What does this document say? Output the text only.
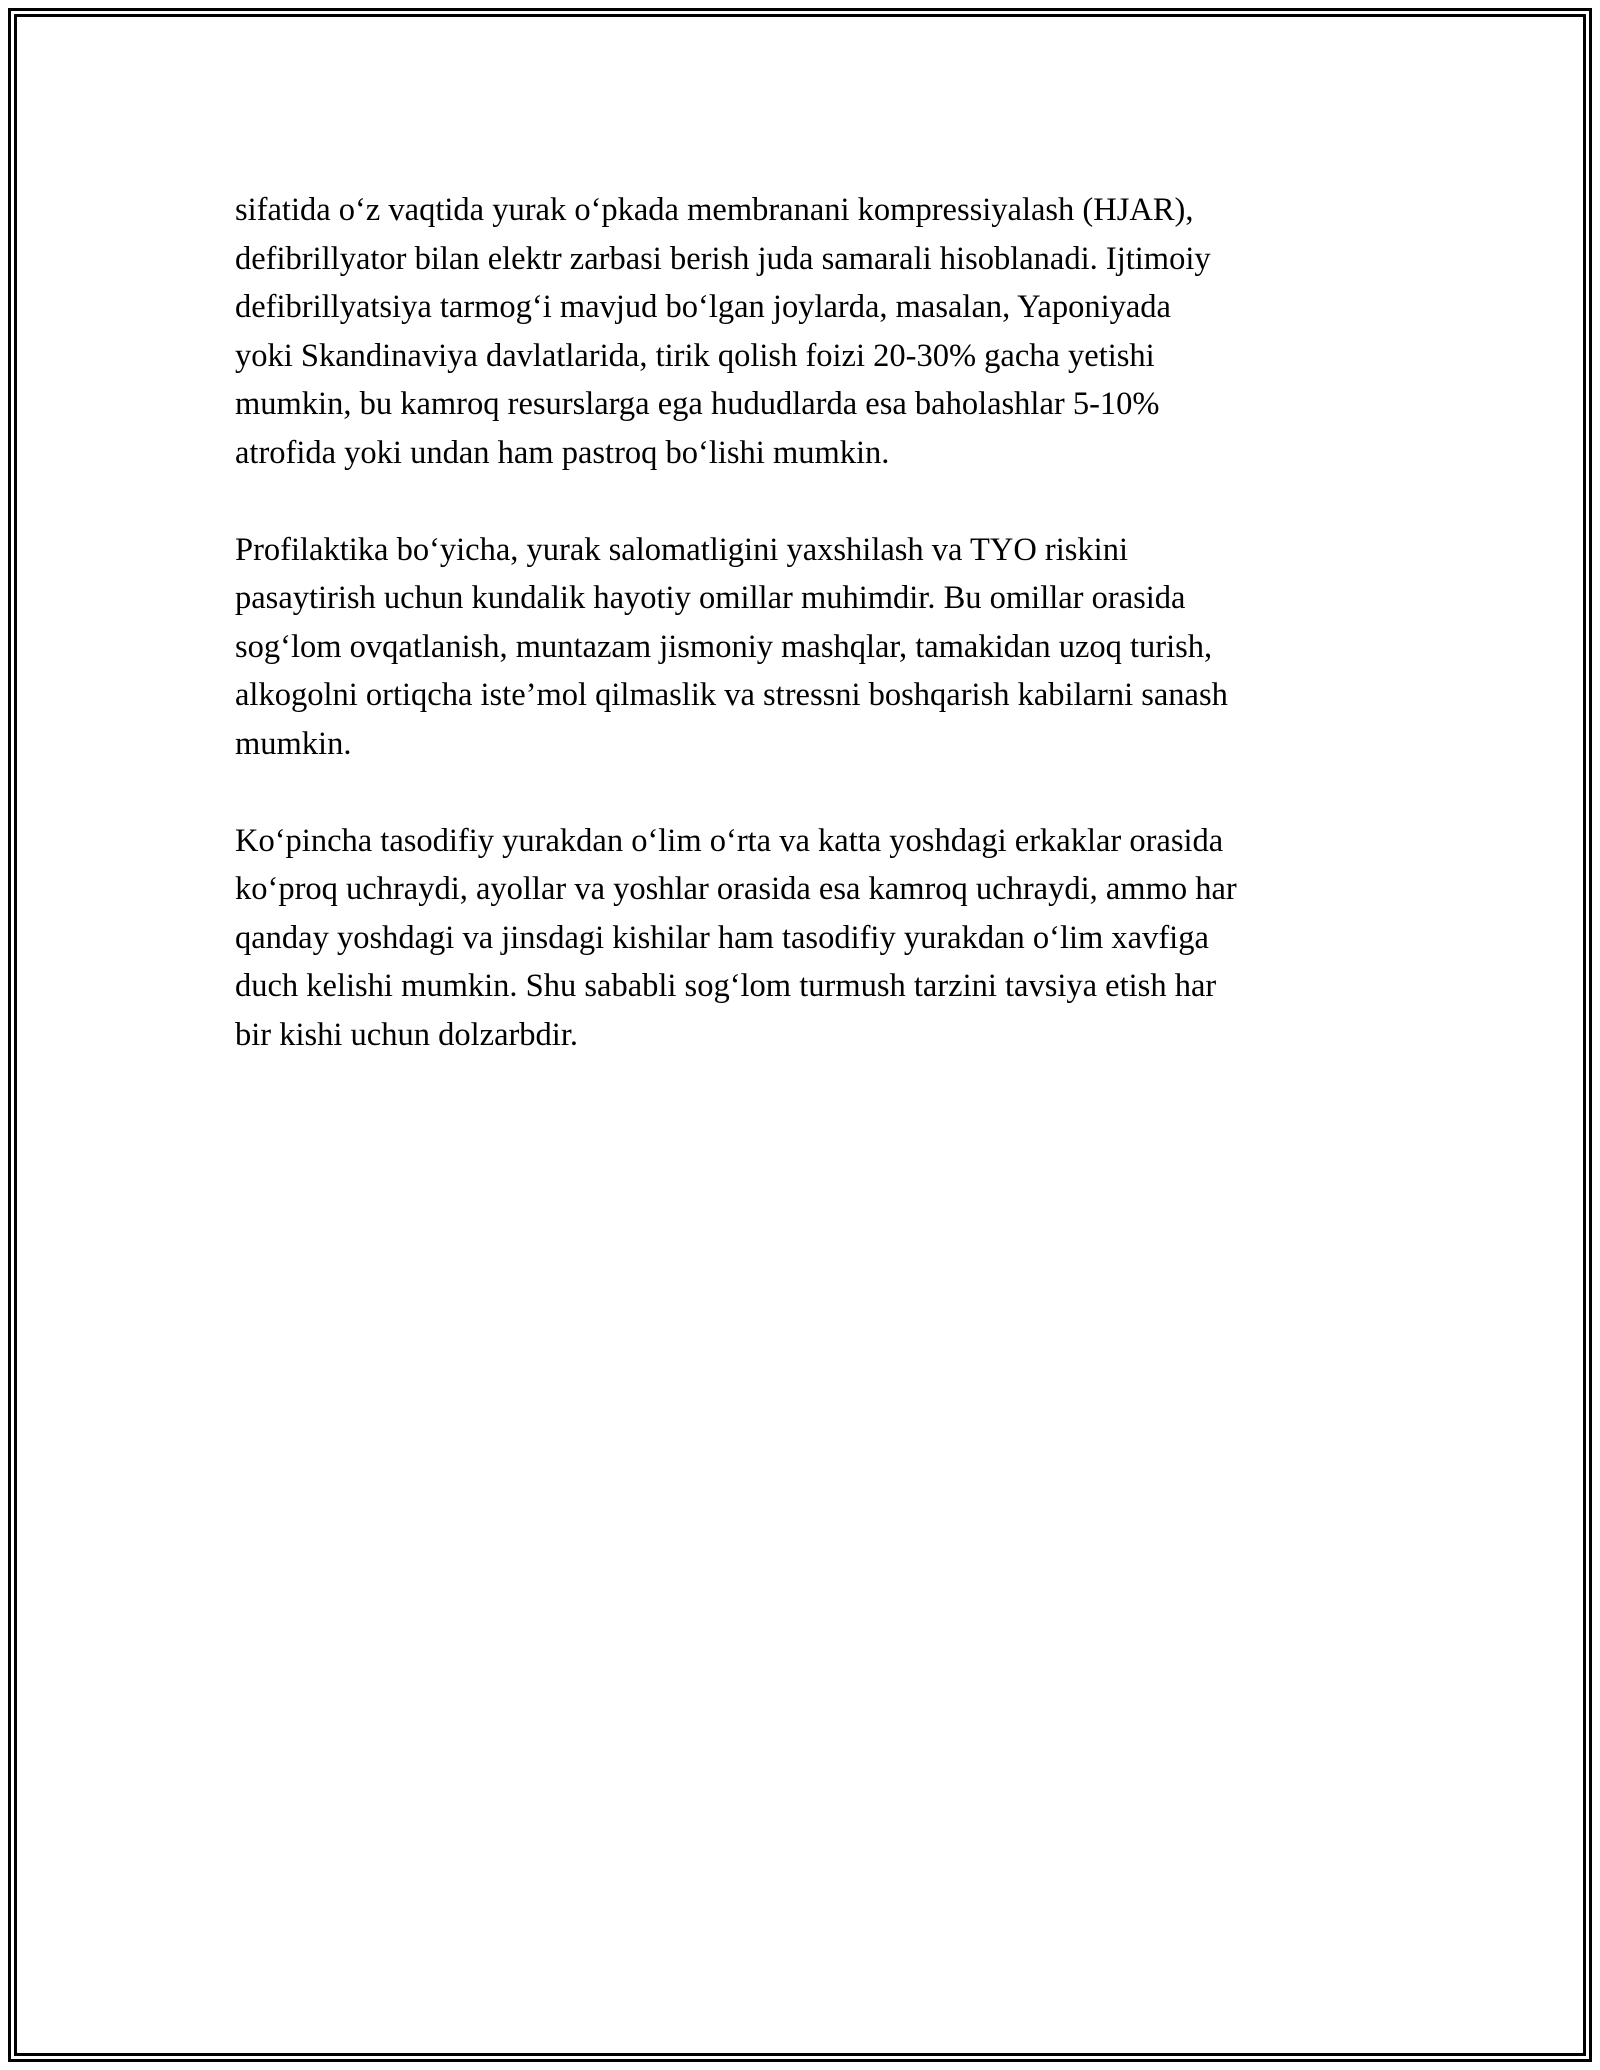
sifatida o‘z vaqtida yurak o‘pkada membranani kompressiyalash (HJAR),
defibrillyator bilan elektr zarbasi berish juda samarali hisoblanadi. Ijtimoiy
defibrillyatsiya tarmog‘i mavjud bo‘lgan joylarda, masalan, Yaponiyada
yoki Skandinaviya davlatlarida, tirik qolish foizi 20-30% gacha yetishi
mumkin, bu kamroq resurslarga ega hududlarda esa baholashlar 5-10%
atrofida yoki undan ham pastroq bo‘lishi mumkin.

Profilaktika bo‘yicha, yurak salomatligini yaxshilash va TYO riskini
pasaytirish uchun kundalik hayotiy omillar muhimdir. Bu omillar orasida
sog‘lom ovqatlanish, muntazam jismoniy mashqlar, tamakidan uzoq turish,
alkogolni ortiqcha iste’mol qilmaslik va stressni boshqarish kabilarni sanash
mumkin.

Ko‘pincha tasodifiy yurakdan o‘lim o‘rta va katta yoshdagi erkaklar orasida
ko‘proq uchraydi, ayollar va yoshlar orasida esa kamroq uchraydi, ammo har
qanday yoshdagi va jinsdagi kishilar ham tasodifiy yurakdan o‘lim xavfiga
duch kelishi mumkin. Shu sababli sog‘lom turmush tarzini tavsiya etish har
bir kishi uchun dolzarbdir.
